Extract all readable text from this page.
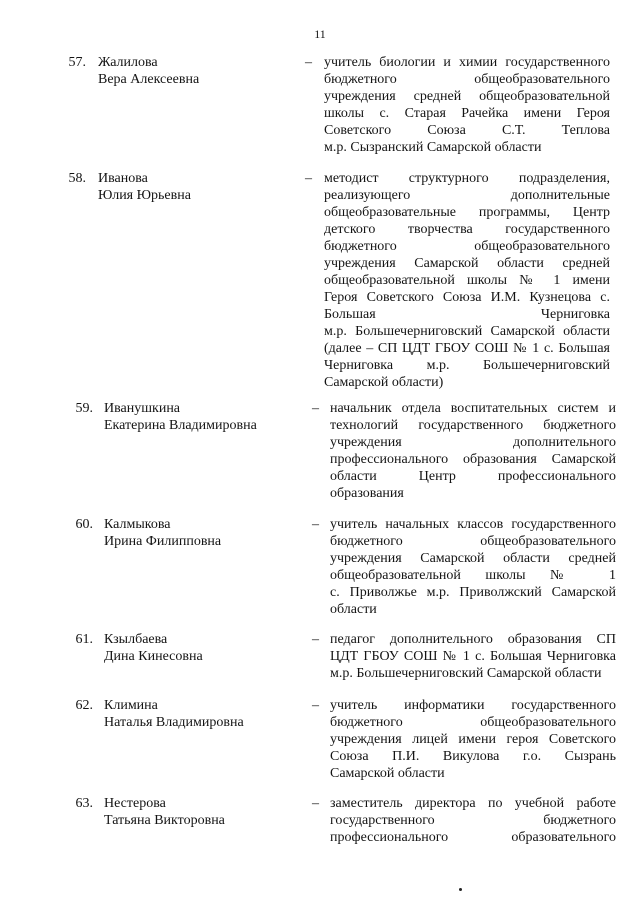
11
57. Жалилова
Вера Алексеевна
– учитель биологии и химии государственного
бюджетного общеобразовательного
учреждения средней общеобразовательной
школы с. Старая Рачейка имени Героя
Советского Союза С.Т. Теплова
м.р. Сызранский Самарской области
58. Иванова
Юлия Юрьевна
– методист структурного подразделения,
реализующего дополнительные
общеобразовательные программы, Центр
детского творчества государственного
бюджетного общеобразовательного
учреждения Самарской области средней
общеобразовательной школы № 1 имени
Героя Советского Союза И.М. Кузнецова с.
Большая Черниговка
м.р. Большечерниговский Самарской области
(далее – СП ЦДТ ГБОУ СОШ № 1 с. Большая
Черниговка м.р. Большечерниговский
Самарской области)
59. Иванушкина
Екатерина Владимировна
– начальник отдела воспитательных систем и
технологий государственного бюджетного
учреждения дополнительного
профессионального образования Самарской
области Центр профессионального
образования
60. Калмыкова
Ирина Филипповна
– учитель начальных классов государственного
бюджетного общеобразовательного
учреждения Самарской области средней
общеобразовательной школы № 1
с. Приволжье м.р. Приволжский Самарской
области
61. Кзылбаева
Дина Кинесовна
– педагог дополнительного образования СП
ЦДТ ГБОУ СОШ № 1 с. Большая Черниговка
м.р. Большечерниговский Самарской области
62. Климина
Наталья Владимировна
– учитель информатики государственного
бюджетного общеобразовательного
учреждения лицей имени героя Советского
Союза П.И. Викулова г.о. Сызрань
Самарской области
63. Нестерова
Татьяна Викторовна
– заместитель директора по учебной работе
государственного бюджетного
профессионального образовательного
